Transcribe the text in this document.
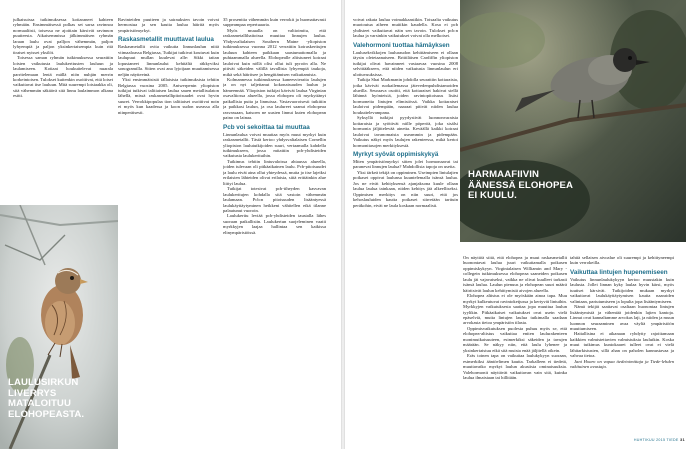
julkaisuissa tutkimuksessa kotiaraneet kahteen ryhmään. Ensimmäisessä polkas set sarsa ravinnoa normaaliisti, toisessa ne ajoittain kärsivät ravinnon puutteesta. Aikaisemmissa jälkimmäisen ryhmän laraan laulu ovat palljon vähemmän, paljon lyhyempiä ja paljon yksinkertaisempia kuin ritä tiraiset nyisset yksilöt.

Toisessa saman ryhmän tutkimuksessa seurattiin loisten vaikutusta laulukerttusten lauluun ja laulamiseen. Kotiaat houkuttelevat nuarala parritelemaan lentä mällä niön nuhjän merrin korkeintoisen. Tulokset kuitenkin osoittivat, että loiset vaikuttavat itse lauluun. Mitä suurempi loisiaakka oli, sitä vähemmän säkäävä sitä linnu laulaimmon alkana esitti.

LAULUSIRKUN LIVERRYS MATALOITUU ELOHOPEASTA.

Ravinteiden puutteen ja sairauksien tavoin voivat hermostua ja sen kautta laulua häiritä myös ympäristömyrkyt.

Raskasmetallit muuttavat laulua

Raskasmetallit ovita vaikutta linnunlaulun niitä viimaaloassa Belgiassa, Tutkijat tutkivat koutuvat kuin laulupuut mullan kuulevat alle: Sikki taitan lopustaneet linnunlaulut kehitältä räkkyviksi sonogramilla. Sitten ovat ana lyjoijaan muuttamisessa neljän näytteeinä.

Yksi ensimmäisistä tällaisista tutkimuksista tehtiin Belgiassa vuosina 2005. Antwerpenin yliopiston tutkijat tutkivat talitiaisen laulua sauen metallisulaton lähellä, missä raskasmetallipitoisuudet ovat hyvin suuret. Verrokkipopulaa tion talitiaiset osoittivat noin ei myös kun kaadessa ja koon sudon useassa alla niinperäisesti.

35 prosenttia vähemmän kuin verrokit ja huomattavasti suppeampaa repertuaaria.

Myös muualla on valtioimitu, että raskasmetallihaitoissa muuttaa linnujen laulua. Yhdysvaltalaisen Southern Maine -yliopiston tutkimuksessa vuonna 2012 verrattiin koiraskerttujen lauluun kahteen paikkaan saastumattomalla ja puhtaammalla alueella. Elohopealle altistuneet koiraat lauloivat kuin nöllä olisi ollut tuli pyroön alla. Ne pitivät säkeiden välillä tavallista lyhyempiä taukoja, mikä sekä häiritsee ja hengittämisen vaikuttamista.

Kolmannessa tutkimuksessa kaneesvieraita laulujen ja on nyt taljettanut kokonaisuuden laulun ja hämeennää. Yliopiston tutkijat kävivät laulua Virginian osavaltiossa alueella, jossa elohopea oli myrkyttänyt paikallisia puita ja linnuissa. Vastavuoroisesti tutkitiin ja paikkasi laulun, ja osa laulureet saanut elohopeaa rasvassaan, katsoen ne uusien linnut kuten elohopean paino on lainaa.

Pcb voi sekoittaa tai muuttaa

Linnunlaulua voivat muuttaa myös muut myrkyt kuin raskasmetallit. Tästä kertoo yhdysvaltalaisen Cornellin yliopiston laulututkijoiden suuri, vertaamalla kahdella tutkimukseen, jossa mitattiin pcb-yhdisteiden vaikutusta laulukerttuihin.

Tutkimus tehtiin lintuvaloissa ahtaussa alueella, joiden tulevaan oli pitkäaikainen laulu. Pcb-pitoisuudet ja laulu eivät aina ollut yhteydessä, mutta jo itse lajeiksi erilaisten lähteiden olivat erilaisia, siitä erittäinkin alue liittyi laulua.

Tutkijat totesivat pcb-tiheyden kasvavan laulukerttujen kohdalla sitä vastoin vähemmän laulamaan. Pcb:n pitoisuuden lisääntyessä laulukäyttäytyminen heikkeni vähitellen eikä tilanne palautunut vuoroin.

Laulukerttu leviää pcb-yhdisteiden taustalla lähes suoraan paikallisiin. Laulukertun suojeleminen vaatii myrkkyjen laajaa hallintaa sen kaikissa elinympäristöissä.

voivat rakata laulua voimakkaastikin. Toisaalta vaikutus muotoutua aiheen muitikin kaudella. Kosa ei pcb yhdisteet vaikuttavat näin sen tavoin. Tulokset pcb:n laulua ja varsinkin vaikutukset voivat olla melkoiset.

Valehormoni tuottaa hämäyksen

Laulusekvikkojen lauluraudon kehittämiseen ei ollaan täysin oletetaanaiseen. Brittiläisen Cardiffin yliopiston tutkijat olivat havainneet vastaavaa vuosina 2008 selvittääkseen, että niiden vaikutusta linnunlaulun eri ulottuvuuksissa.

Tutkija Shai Markmanin johdolla seurattiin kottaraisia, jotka kävivät ruokailemassa jätevedenpuhdistamoiden alueilla. Seuraava osoitti, että kottaraiset hakivat siellä lähinnä hyönteisiä, joiden ravintopitoisuus lisäsi hormoneita lintujen elimistössä. Vaikka kottaraiset lauloivat pidempään, naaraat pitivät niiden laulua houkuttelevampana.

Syksyllä tutkijat pyydystivät luonnonvaraisia kottaraisia ja syöttivät niille pöperöä, joka sisälsi hormonia jäljittelevää ainetta. Keväällä kaikki koiraat lauloivat tavanomaista useammin ja pidempään. Vaikutus näkyi myös laulujen rakenteessa, mikä kertoi hormonitasojen merkityksestä.

Myrkyt syövät oppimiskykyä

Miten ympäristömyrkyt sitten jolei hormonaavat tai paranevat linnujen laulua? Mahdollisia tapoja on useita.

Yksi tärkeä tekijä on oppiminen. Useimpien lintulajien poikaset oppivat laulunsa kuuntelemalla isänsä laulua. Jos ne eivät kehityksensä ajanjaksona kuule ollaan laulua laulua tainkaan, niiden kehitys jää alkeelliseksi. Oppimisen merkitys on niin suuri, että jos kehoslauluiden kautta poikaset siirretään tarttuin peräkohin, eivät ne laula koskaan normaalisti.

HARMAAFIIVIN ÄÄNESSÄ ELOHOPEA EI KUULU.

On näyttöä siitä, että elohopea ja muut raskasmetallit huonontavat laulua juuri vaikuttamalla poikasen oppimiskykyyn. Virginialaisen Williamin and Mary -collegein tutkimuksessa elohopeaa saaneiden poikasen laulu jäi vajavaiseksi, vaikka ne olivat kuulleet tarkasti isänsä laulua. Laulun pienuus ja elohopean suuri määrä häiritsivät laulun kehittymistä aivojen alueella.

Elohopea altistus ei ole myöskään ainoa tapa. Muu myrkyt kulkeutuvat ravintoketjussa ja kertyvät lintuihin. Myrkkyjen vaikutuksesta saattaa jopa muuttua laulun tyylikin. Pitkäaikaiset vaikutukset ovat usein vielä epäselviä, mutta lintujen laulua tutkimalla saadaan arvokasta tietoa ympäristön tilasta.

Oppimisvaikutuksen puolesta puhuu myös se, että elohopea-altistus vaikuttaa eniten laulurakenteen monimutkaisuuteen, esimerkiksi säkeiden ja tavujen määrään. Se näkyy niin, että laulu lyhenee ja yksinkertaistuu eikä sitä muista enää jäljitellä oikein.

Eräs toinen tapa on vaikuttaa laulukykyyn suoraan, esimerkiksi ääntöelimen kautta. Tarkalleen ei tiedetä, muuttavatko myrkyt laulun akustisia ominaisuuksia. Valehormonit näyttävät vaikuttavan vain sitä, kuinka laulua ilmaistaan tai hillitään.

tahtiä sellaisen aivoalue oli suurempi ja kehittyneempi kuin verrokeilla.

Vaikuttaa lintujen hupenemiseen

Vaikutus linnunlaulukykyyn kertoo muustakin kuin laulusta. Jollei linnan kyky laulaa hyvin kärsi, myös tuutiset kärsivät. Tutkijoiden mukaan myrkyt vaikuttavat laulukäyttäytymisen kautta naaraiden valintaan, pariutumiseen ja lopulta jopa lisääntymiseen.

Nämä tekijät saattavat osaltaan huonontaa lintujen lisääntymistä ja vähentää joidenkin lajien kantoja. Linnut ovat kannaltamme arvokas laji, ja niiden ja muun luonnon seuraaminen avaa väyliä ympäristöön muuttumiseen.

Haitallisina ei aikanaan ryhdytty rajoittamaan kaikkien valmistettavien valmistuksia laulutkin. Koska muut tutkimus kuntokaaret tulleet ovat ei vielä lähitarkistusten, sillä ahan on paholen kannustavaa ja vahvaa tietoa.

Jani Hoaro on vapaa tiedetoimittaja ja Tiede-lehden vakituinen avustaja.

HUHTIKUU 2015 TIEDE 31
